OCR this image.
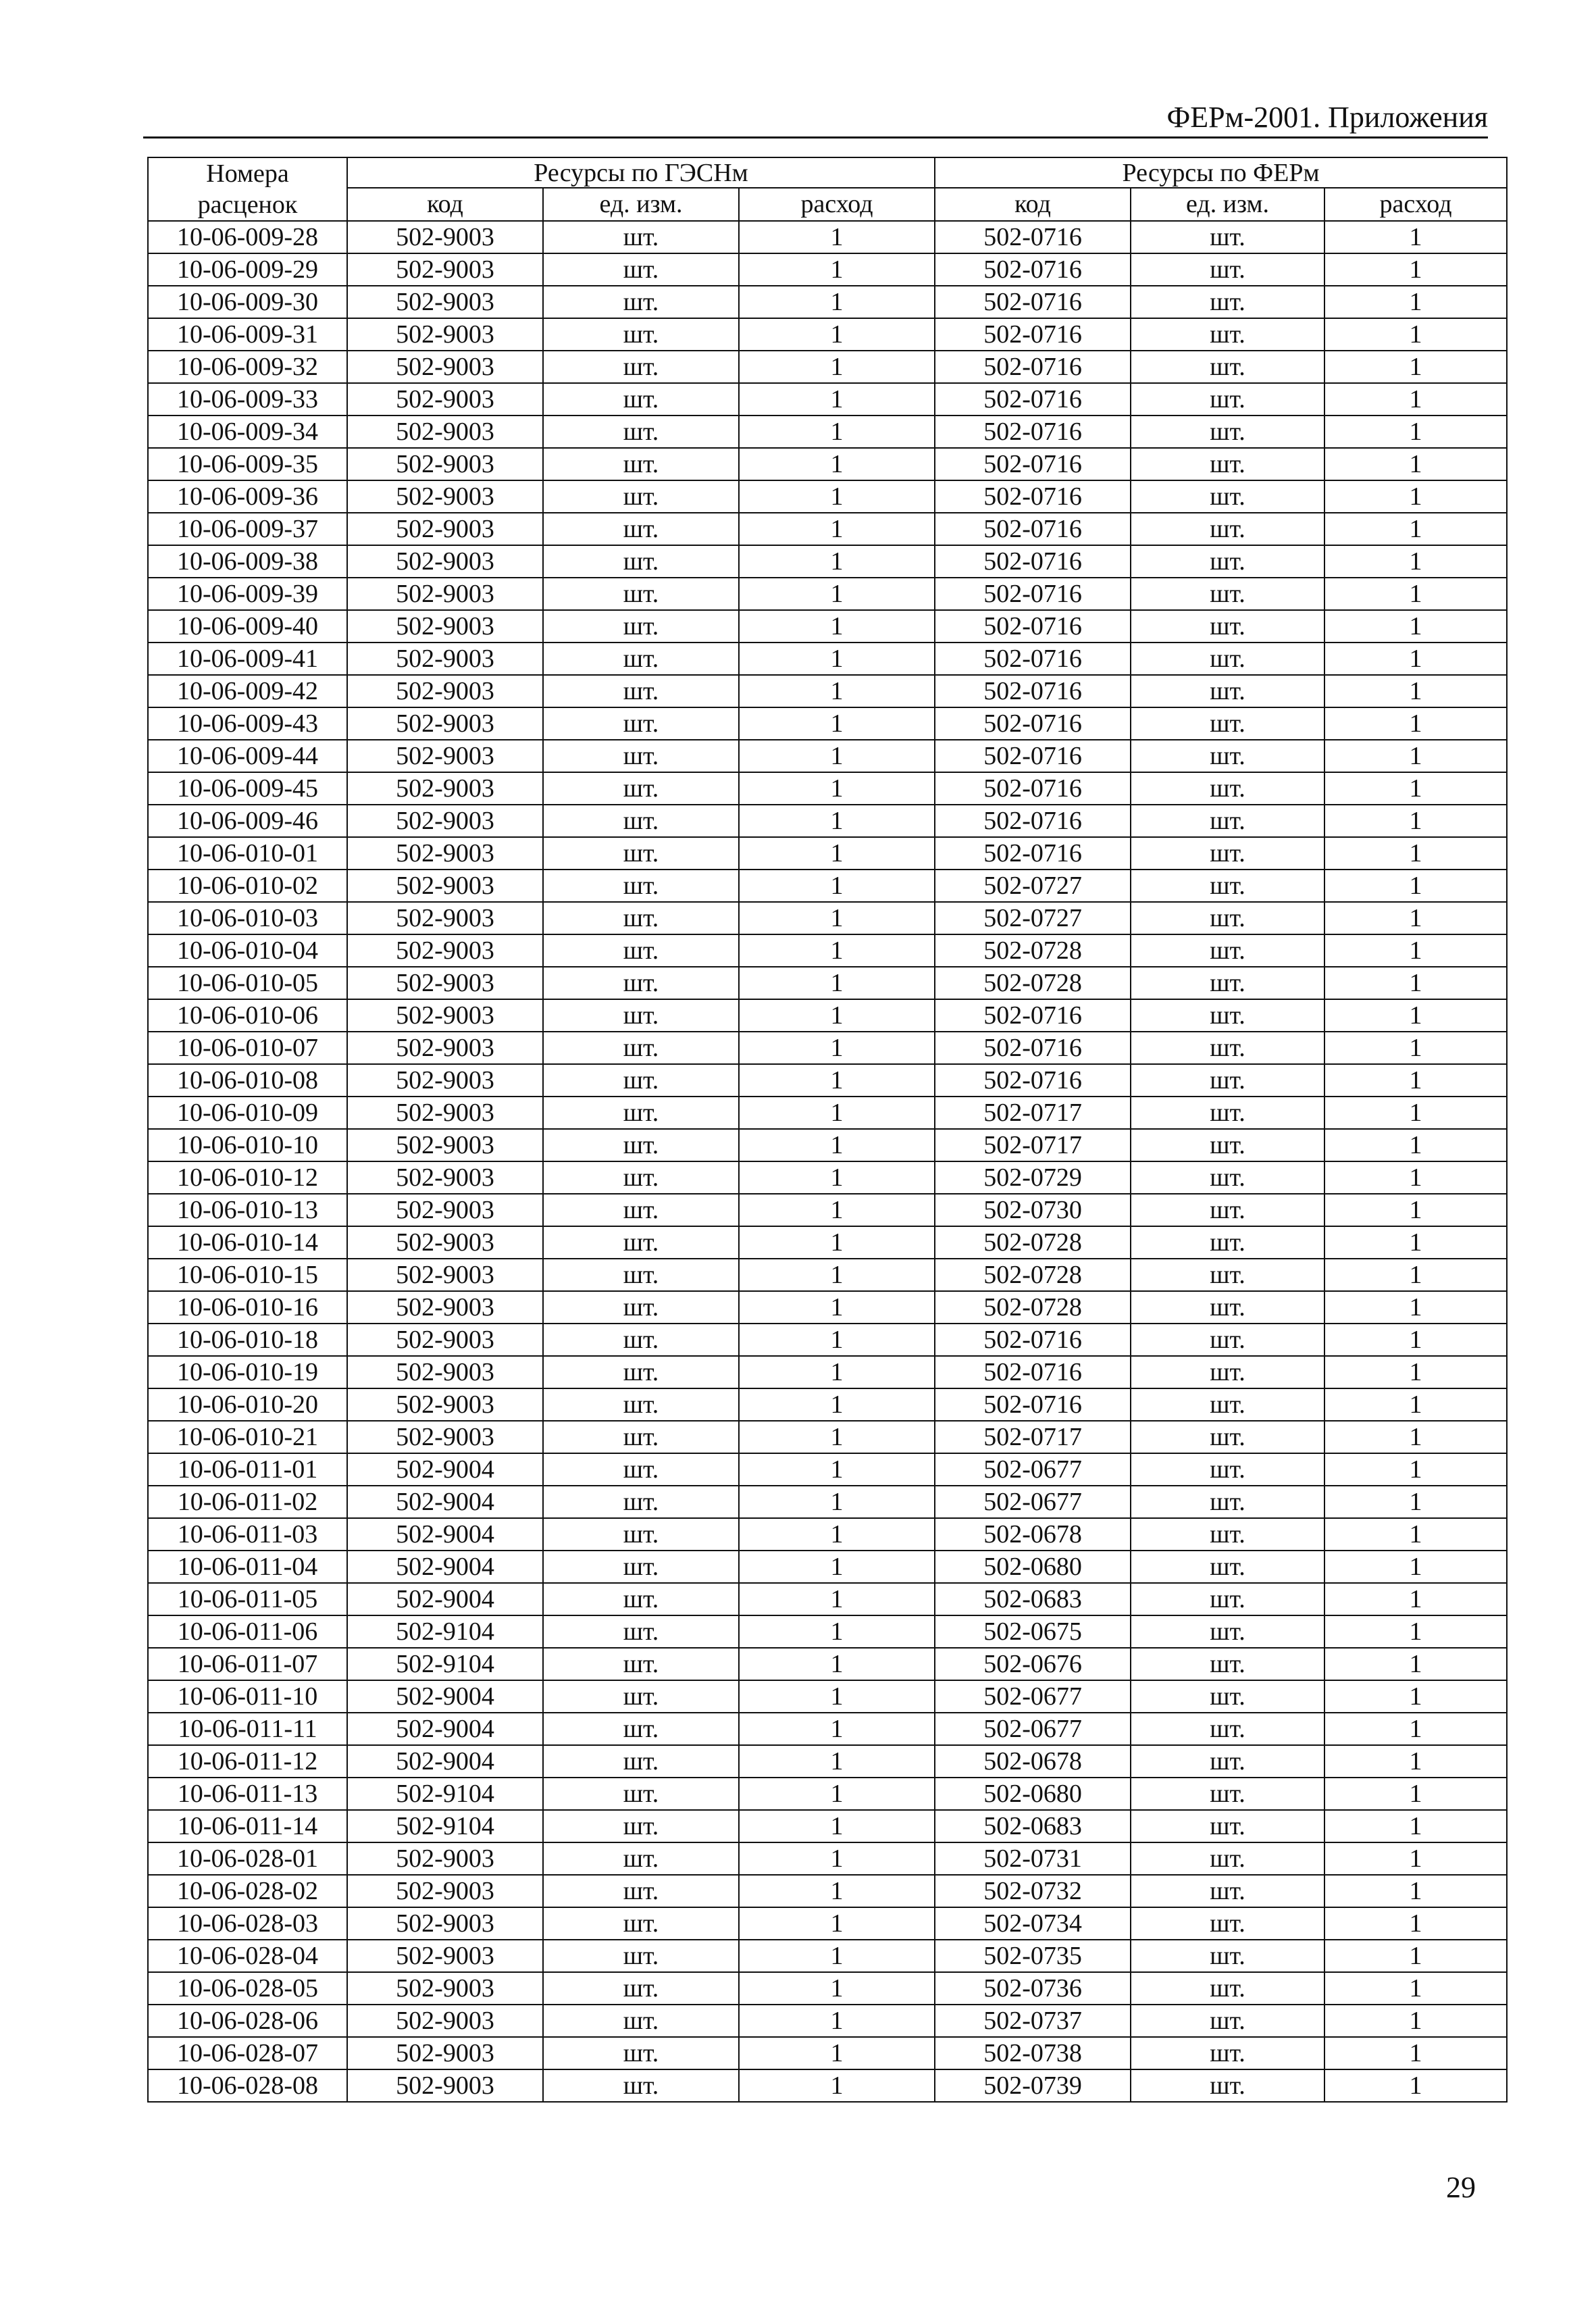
ФЕРм-2001. Приложения
Номера
расценок	Ресурсы по ГЭСНм			Ресурсы по ФЕРм		
	код	ед. изм.	расход	код	ед. изм.	расход
10-06-009-28	502-9003	шт.	1	502-0716	шт.	1
10-06-009-29	502-9003	шт.	1	502-0716	шт.	1
10-06-009-30	502-9003	шт.	1	502-0716	шт.	1
10-06-009-31	502-9003	шт.	1	502-0716	шт.	1
10-06-009-32	502-9003	шт.	1	502-0716	шт.	1
10-06-009-33	502-9003	шт.	1	502-0716	шт.	1
10-06-009-34	502-9003	шт.	1	502-0716	шт.	1
10-06-009-35	502-9003	шт.	1	502-0716	шт.	1
10-06-009-36	502-9003	шт.	1	502-0716	шт.	1
10-06-009-37	502-9003	шт.	1	502-0716	шт.	1
10-06-009-38	502-9003	шт.	1	502-0716	шт.	1
10-06-009-39	502-9003	шт.	1	502-0716	шт.	1
10-06-009-40	502-9003	шт.	1	502-0716	шт.	1
10-06-009-41	502-9003	шт.	1	502-0716	шт.	1
10-06-009-42	502-9003	шт.	1	502-0716	шт.	1
10-06-009-43	502-9003	шт.	1	502-0716	шт.	1
10-06-009-44	502-9003	шт.	1	502-0716	шт.	1
10-06-009-45	502-9003	шт.	1	502-0716	шт.	1
10-06-009-46	502-9003	шт.	1	502-0716	шт.	1
10-06-010-01	502-9003	шт.	1	502-0716	шт.	1
10-06-010-02	502-9003	шт.	1	502-0727	шт.	1
10-06-010-03	502-9003	шт.	1	502-0727	шт.	1
10-06-010-04	502-9003	шт.	1	502-0728	шт.	1
10-06-010-05	502-9003	шт.	1	502-0728	шт.	1
10-06-010-06	502-9003	шт.	1	502-0716	шт.	1
10-06-010-07	502-9003	шт.	1	502-0716	шт.	1
10-06-010-08	502-9003	шт.	1	502-0716	шт.	1
10-06-010-09	502-9003	шт.	1	502-0717	шт.	1
10-06-010-10	502-9003	шт.	1	502-0717	шт.	1
10-06-010-12	502-9003	шт.	1	502-0729	шт.	1
10-06-010-13	502-9003	шт.	1	502-0730	шт.	1
10-06-010-14	502-9003	шт.	1	502-0728	шт.	1
10-06-010-15	502-9003	шт.	1	502-0728	шт.	1
10-06-010-16	502-9003	шт.	1	502-0728	шт.	1
10-06-010-18	502-9003	шт.	1	502-0716	шт.	1
10-06-010-19	502-9003	шт.	1	502-0716	шт.	1
10-06-010-20	502-9003	шт.	1	502-0716	шт.	1
10-06-010-21	502-9003	шт.	1	502-0717	шт.	1
10-06-011-01	502-9004	шт.	1	502-0677	шт.	1
10-06-011-02	502-9004	шт.	1	502-0677	шт.	1
10-06-011-03	502-9004	шт.	1	502-0678	шт.	1
10-06-011-04	502-9004	шт.	1	502-0680	шт.	1
10-06-011-05	502-9004	шт.	1	502-0683	шт.	1
10-06-011-06	502-9104	шт.	1	502-0675	шт.	1
10-06-011-07	502-9104	шт.	1	502-0676	шт.	1
10-06-011-10	502-9004	шт.	1	502-0677	шт.	1
10-06-011-11	502-9004	шт.	1	502-0677	шт.	1
10-06-011-12	502-9004	шт.	1	502-0678	шт.	1
10-06-011-13	502-9104	шт.	1	502-0680	шт.	1
10-06-011-14	502-9104	шт.	1	502-0683	шт.	1
10-06-028-01	502-9003	шт.	1	502-0731	шт.	1
10-06-028-02	502-9003	шт.	1	502-0732	шт.	1
10-06-028-03	502-9003	шт.	1	502-0734	шт.	1
10-06-028-04	502-9003	шт.	1	502-0735	шт.	1
10-06-028-05	502-9003	шт.	1	502-0736	шт.	1
10-06-028-06	502-9003	шт.	1	502-0737	шт.	1
10-06-028-07	502-9003	шт.	1	502-0738	шт.	1
10-06-028-08	502-9003	шт.	1	502-0739	шт.	1
29
